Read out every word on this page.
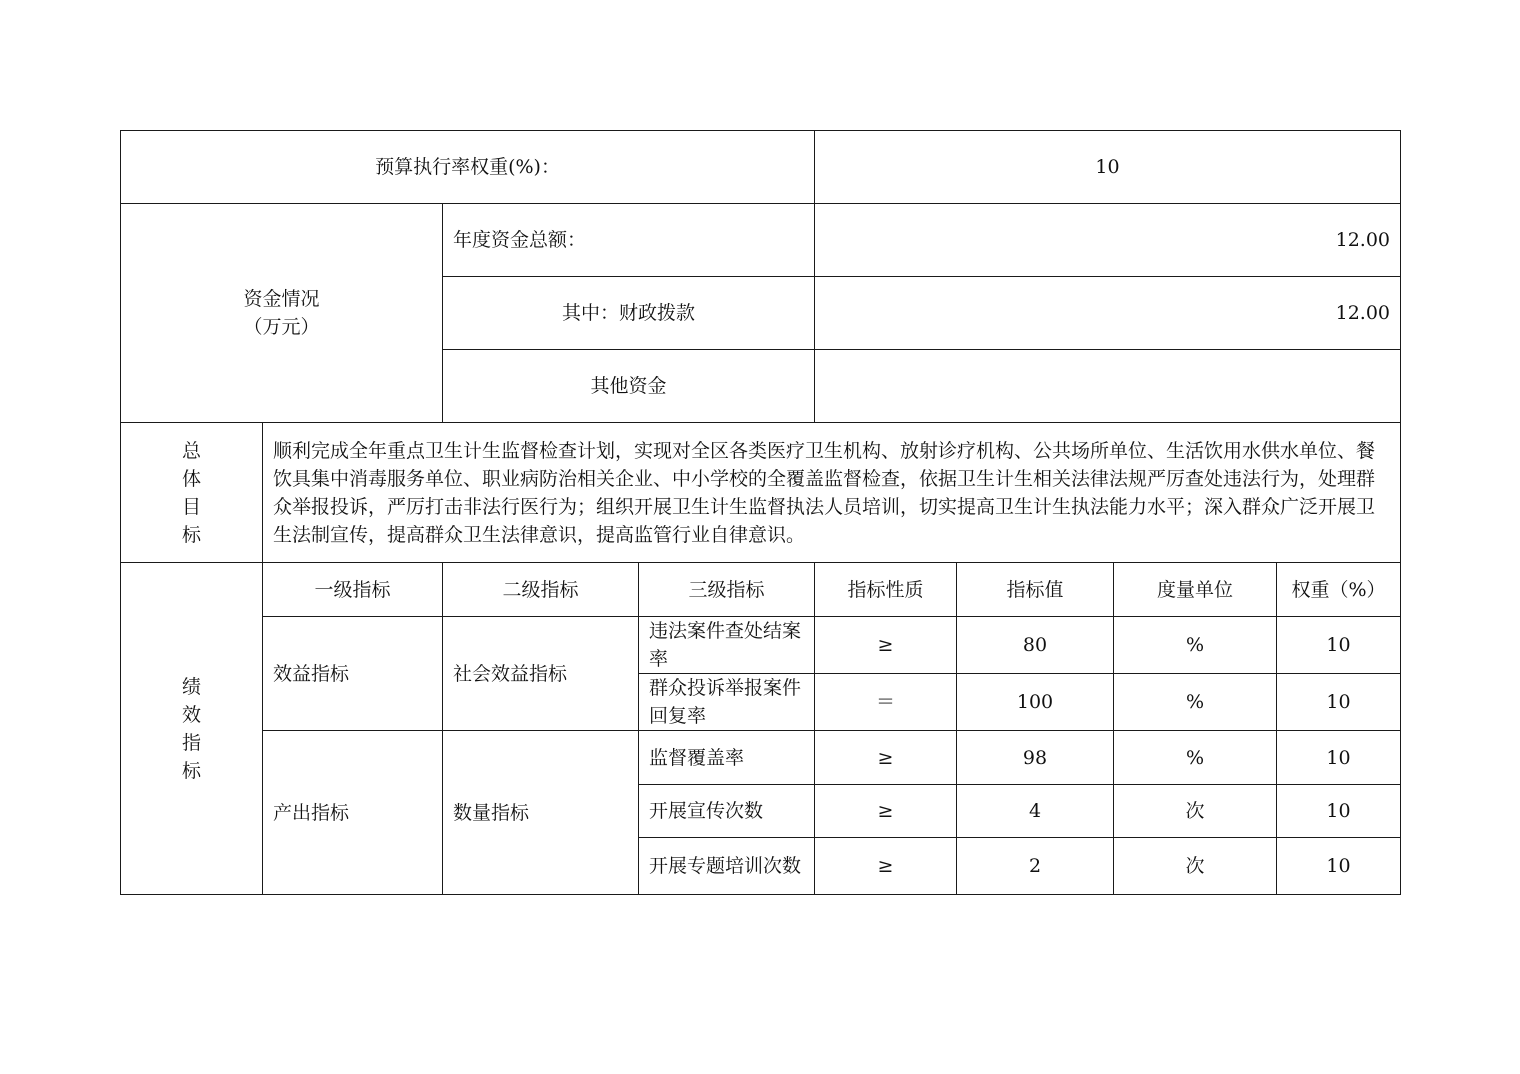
预算执行率权重(%)：				10			

资金情况
（万元）		年度资金总额：		12.00			
		其中：财政拨款		12.00			
		其他资金					
总体目标	顺利完成全年重点卫生计生监督检查计划，实现对全区各类医疗卫生机构、放射诊疗机构、公共场所单位、生活饮用水供水单位、餐饮具集中消毒服务单位、职业病防治相关企业、中小学校的全覆盖监督检查，依据卫生计生相关法律法规严厉查处违法行为，处理群众举报投诉，严厉打击非法行医行为；组织开展卫生计生监督执法人员培训，切实提高卫生计生执法能力水平；深入群众广泛开展卫生法制宣传，提高群众卫生法律意识，提高监管行业自律意识。						
绩效指标	一级指标	二级指标	三级指标	指标性质	指标值	度量单位	权重（%）
	效益指标	社会效益指标	违法案件查处结案率	≥	80	%	10
			群众投诉举报案件回复率	＝	100	%	10
	产出指标	数量指标	监督覆盖率	≥	98	%	10
			开展宣传次数	≥	4	次	10
			开展专题培训次数	≥	2	次	10
